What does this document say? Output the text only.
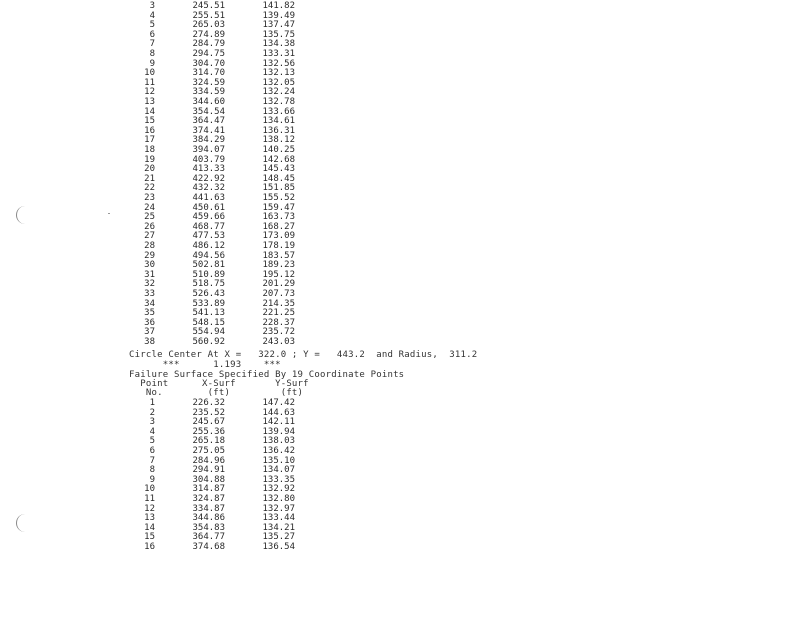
3	245.51	141.82
4	255.51	139.49
5	265.03	137.47
6	274.89	135.75
7	284.79	134.38
8	294.75	133.31
9	304.70	132.56
10	314.70	132.13
11	324.59	132.05
12	334.59	132.24
13	344.60	132.78
14	354.54	133.66
15	364.47	134.61
16	374.41	136.31
17	384.29	138.12
18	394.07	140.25
19	403.79	142.68
20	413.33	145.43
21	422.92	148.45
22	432.32	151.85
23	441.63	155.52
24	450.61	159.47
25	459.66	163.73
26	468.77	168.27
27	477.53	173.09
28	486.12	178.19
29	494.56	183.57
30	502.81	189.23
31	510.89	195.12
32	518.75	201.29
33	526.43	207.73
34	533.89	214.35
35	541.13	221.25
36	548.15	228.37
37	554.94	235.72
38	560.92	243.03
Circle Center At X =   322.0 ; Y =   443.2  and Radius,  311.2
***      1.193    ***
Failure Surface Specified By 19 Coordinate Points
Point      X-Surf       Y-Surf
No.        (ft)         (ft)
1	226.32	147.42
2	235.52	144.63
3	245.67	142.11
4	255.36	139.94
5	265.18	138.03
6	275.05	136.42
7	284.96	135.10
8	294.91	134.07
9	304.88	133.35
10	314.87	132.92
11	324.87	132.80
12	334.87	132.97
13	344.86	133.44
14	354.83	134.21
15	364.77	135.27
16	374.68	136.54
